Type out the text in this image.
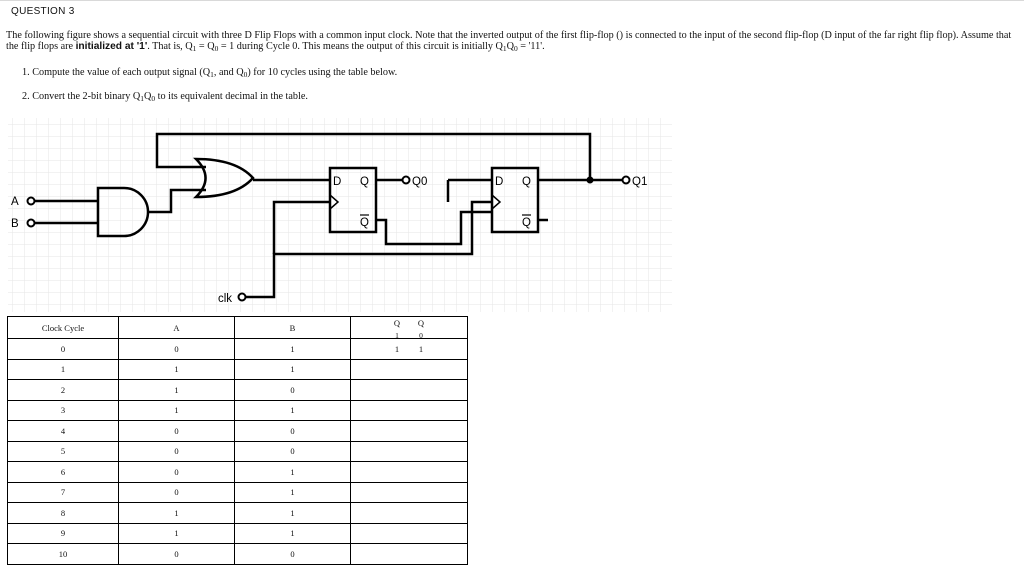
QUESTION 3
The following figure shows a sequential circuit with three D Flip Flops with a common input clock. Note that the inverted output of the first flip-flop () is connected to the input of the second flip-flop (D input of the far right flip flop). Assume that
the flip flops are initialized at '1'. That is, $Q_1 = Q_0 = 1$ during Cycle 0. This means the output of this circuit is initially $Q_1Q_0$ = '11'.
1. Compute the value of each output signal ($Q_1$, and $Q_0$) for 10 cycles using the table below.
2. Convert the 2-bit binary $Q_1Q_0$ to its equivalent decimal in the table.
A
B
clk
D Q
Q
D Q
Q
Q0	Q1
Clock Cycle	A	B	$Q_1Q_0$
0	0	1	1 1
1	1	1	
2	1	0	
3	1	1	
4	0	0	
5	0	0	
6	0	1	
7	0	1	
8	1	1	
9	1	1	
10	0	0	
